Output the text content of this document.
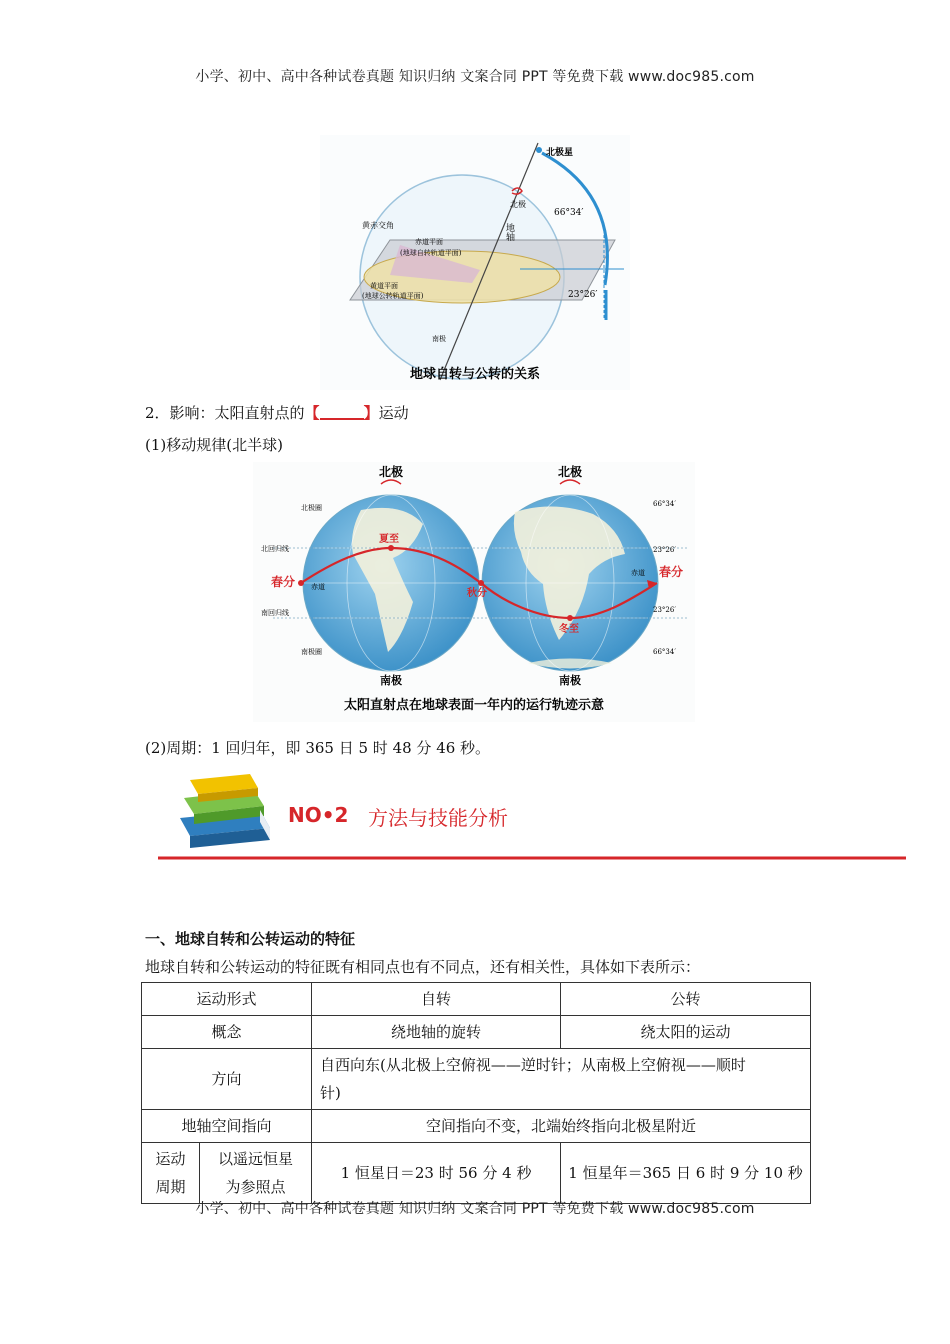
小学、初中、高中各种试卷真题 知识归纳 文案合同 PPT 等免费下载 www.doc985.com
北极星
北极
地轴
66°34′
黄赤交角
赤道平面
(地球自转轨道平面)
黄道平面
(地球公转轨道平面)	23°26′
南极
地球自转与公转的关系
2．影响：太阳直射点的【	】运动
(1)移动规律(北半球)
北极	北极
南极	南极
北极圈
北回归线
赤道
南回归线
南极圈
春分
夏至
秋分
冬至
赤道 春分
66°34′
23°26′
23°26′
66°34′
太阳直射点在地球表面一年内的运行轨迹示意
(2)周期：1 回归年，即 365 日 5 时 48 分 46 秒。
NO•2 方法与技能分析
一、地球自转和公转运动的特征
地球自转和公转运动的特征既有相同点也有不同点，还有相关性，具体如下表所示：
运动形式		自转	公转
概念		绕地轴的旋转	绕太阳的运动
方向		自西向东(从北极上空俯视——逆时针；从南极上空俯视——顺时
针)	
地轴空间指向		空间指向不变，北端始终指向北极星附近	
运动
周期	以遥远恒星
为参照点	1 恒星日＝23 时 56 分 4 秒	1 恒星年＝365 日 6 时 9 分 10 秒
小学、初中、高中各种试卷真题 知识归纳 文案合同 PPT 等免费下载 www.doc985.com
